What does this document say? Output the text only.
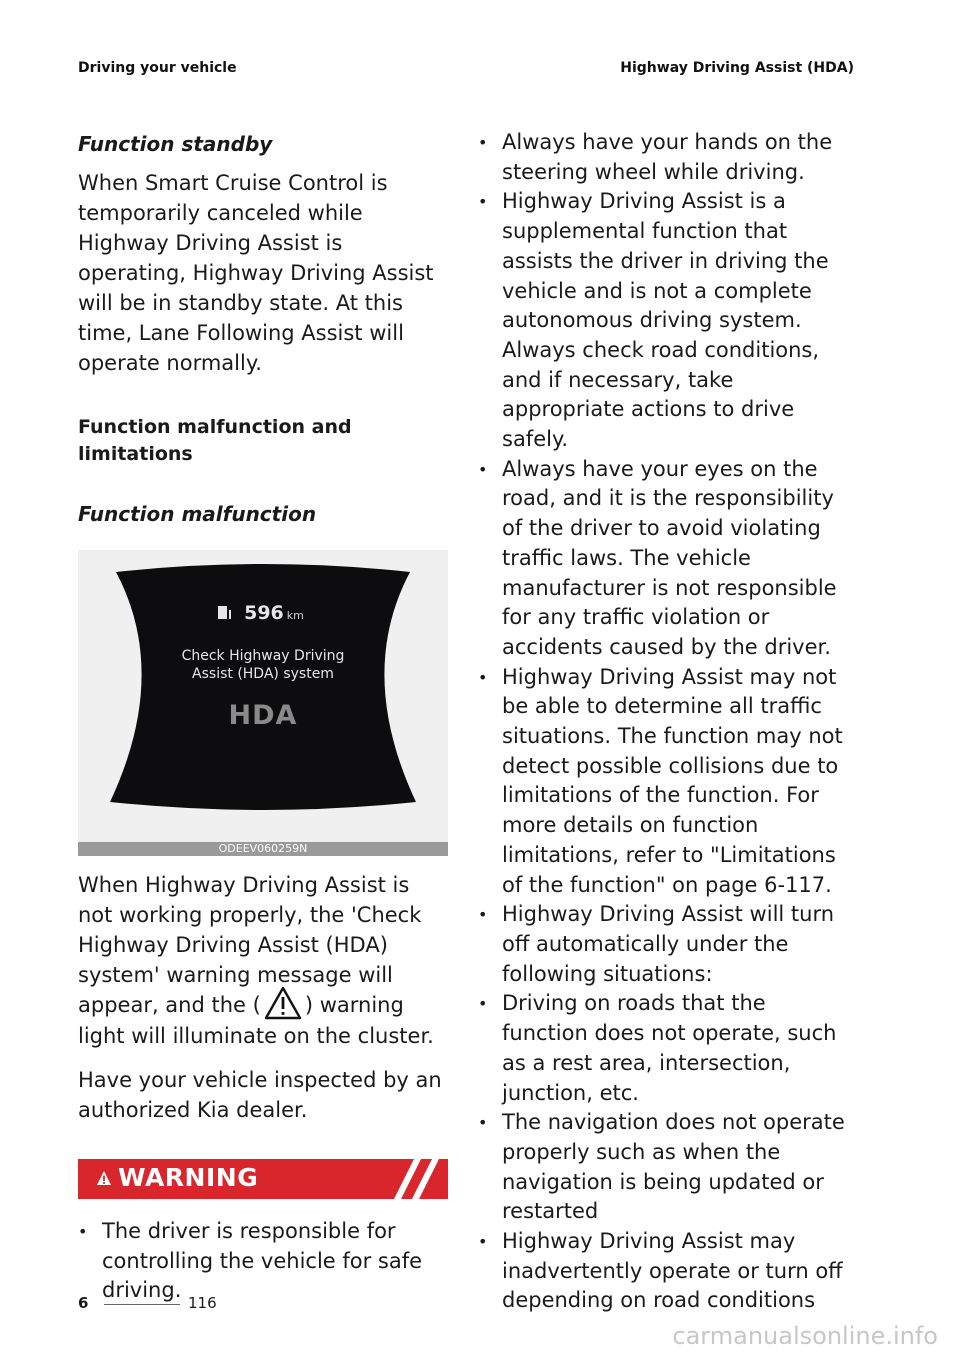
Driving your vehicle	Highway Driving Assist (HDA)
Function standby

When Smart Cruise Control is temporarily canceled while Highway Driving Assist is operating, Highway Driving Assist will be in standby state. At this time, Lane Following Assist will operate normally.

Function malfunction and limitations
Function malfunction
596 km
Check Highway Driving
Assist (HDA) system
HDA
ODEEV060259N

When Highway Driving Assist is not working properly, the 'Check Highway Driving Assist (HDA) system' warning message will appear, and the ( ) warning light will illuminate on the cluster.

Have your vehicle inspected by an authorized Kia dealer.

WARNING
• The driver is responsible for controlling the vehicle for safe driving.
• Always have your hands on the steering wheel while driving.
• Highway Driving Assist is a supplemental function that assists the driver in driving the vehicle and is not a complete autonomous driving system. Always check road conditions, and if necessary, take appropriate actions to drive safely.
• Always have your eyes on the road, and it is the responsibility of the driver to avoid violating traffic laws. The vehicle manufacturer is not responsible for any traffic violation or accidents caused by the driver.
• Highway Driving Assist may not be able to determine all traffic situations. The function may not detect possible collisions due to limitations of the function. For more details on function limitations, refer to "Limitations of the function" on page 6-117.
• Highway Driving Assist will turn off automatically under the following situations:
• Driving on roads that the function does not operate, such as a rest area, intersection, junction, etc.
• The navigation does not operate properly such as when the navigation is being updated or restarted
• Highway Driving Assist may inadvertently operate or turn off depending on road conditions
6	116
carmanualsonline.info
